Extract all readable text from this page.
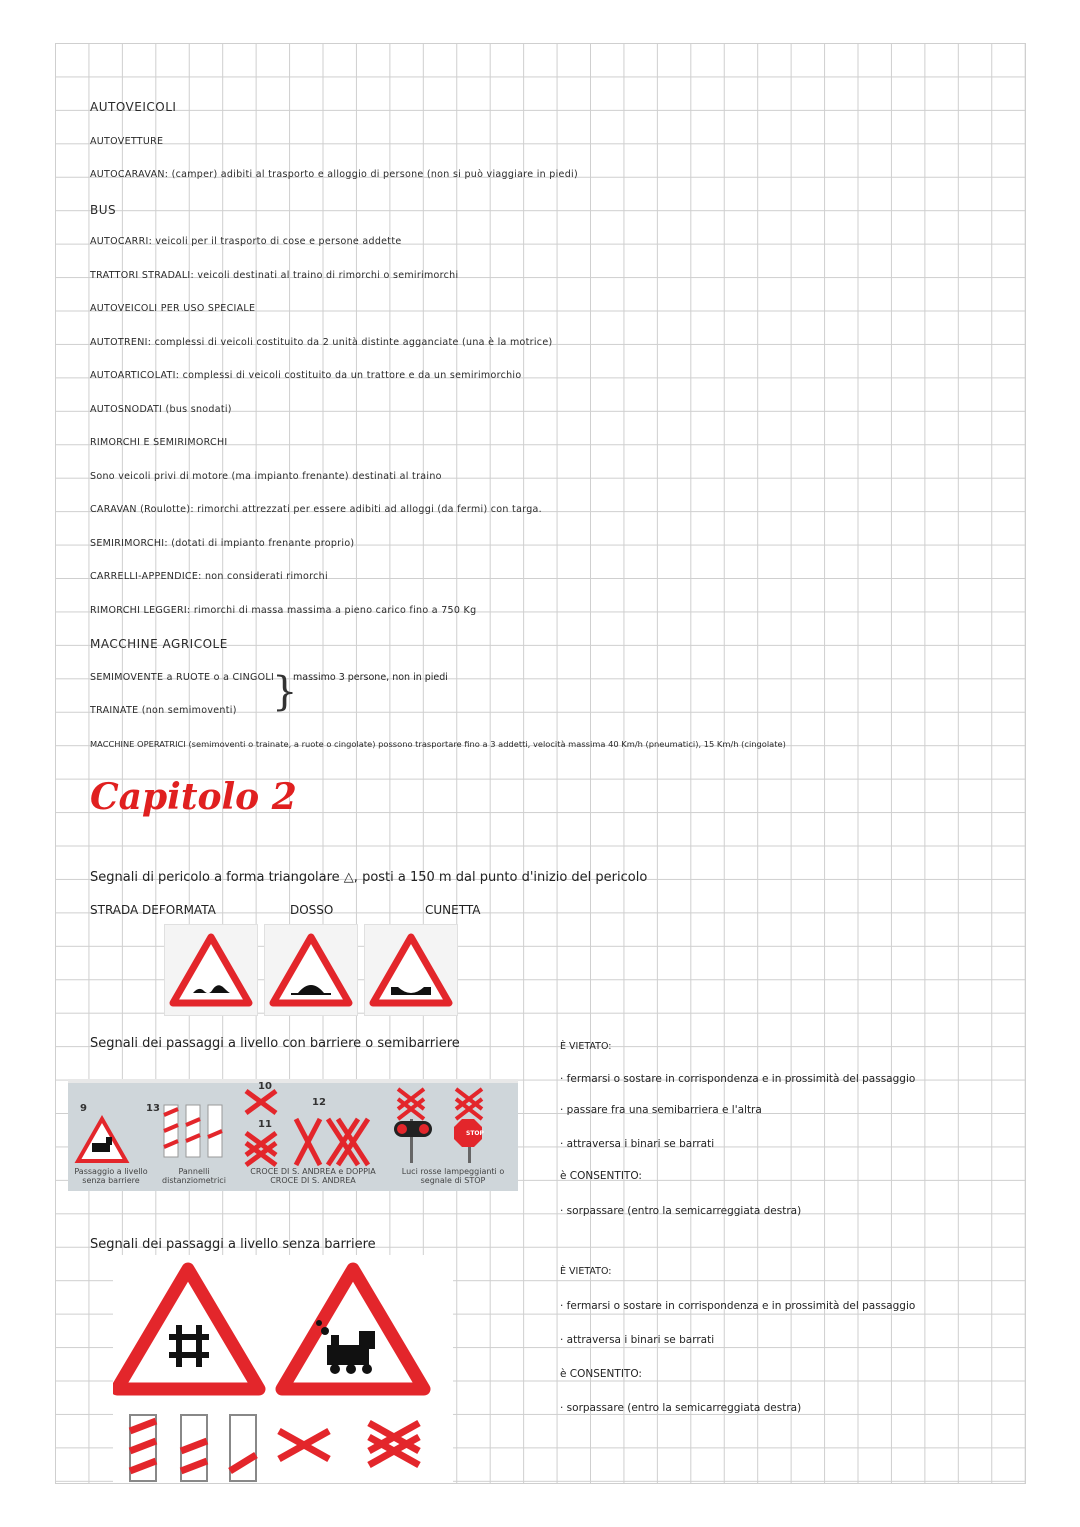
AUTOVEICOLI
AUTOVETTURE
AUTOCARAVAN: (camper) adibiti al trasporto e alloggio di persone (non si può viaggiare in piedi)
BUS
AUTOCARRI: veicoli per il trasporto di cose e persone addette
TRATTORI STRADALI: veicoli destinati al traino di rimorchi o semirimorchi
AUTOVEICOLI PER USO SPECIALE
AUTOTRENI: complessi di veicoli costituito da 2 unità distinte agganciate (una è la motrice)
AUTOARTICOLATI: complessi di veicoli costituito da un trattore e da un semirimorchio
AUTOSNODATI (bus snodati)
RIMORCHI E SEMIRIMORCHI
Sono veicoli privi di motore (ma impianto frenante) destinati al traino
CARAVAN (Roulotte): rimorchi attrezzati per essere adibiti ad alloggi (da fermi) con targa.
SEMIRIMORCHI: (dotati di impianto frenante proprio)
CARRELLI-APPENDICE: non considerati rimorchi
RIMORCHI LEGGERI: rimorchi di massa massima a pieno carico fino a 750 Kg
MACCHINE AGRICOLE
SEMIMOVENTE a RUOTE o a CINGOLI
}
massimo 3 persone, non in piedi
TRAINATE (non semimoventi)
MACCHINE OPERATRICI (semimoventi o trainate, a ruote o cingolate) possono trasportare fino a 3 addetti, velocità massima 40 Km/h (pneumatici), 15 Km/h (cingolate)
Capitolo 2
Segnali di pericolo a forma triangolare △, posti a 150 m dal punto d'inizio del pericolo
STRADA DEFORMATA	DOSSO	CUNETTA
Segnali dei passaggi a livello con barriere o semibarriere
9	13
10
11
12
STOP
Passaggio a livello senza barriere
Pannelli distanziometrici
CROCE DI S. ANDREA e DOPPIA CROCE DI S. ANDREA
Luci rosse lampeggianti o segnale di STOP
È VIETATO:
· fermarsi o sostare in corrispondenza e in prossimità del passaggio
· passare fra una semibarriera e l'altra
· attraversa i binari se barrati
è CONSENTITO:
· sorpassare (entro la semicarreggiata destra)
Segnali dei passaggi a livello senza barriere
È VIETATO:
· fermarsi o sostare in corrispondenza e in prossimità del passaggio
· attraversa i binari se barrati
è CONSENTITO:
· sorpassare (entro la semicarreggiata destra)
